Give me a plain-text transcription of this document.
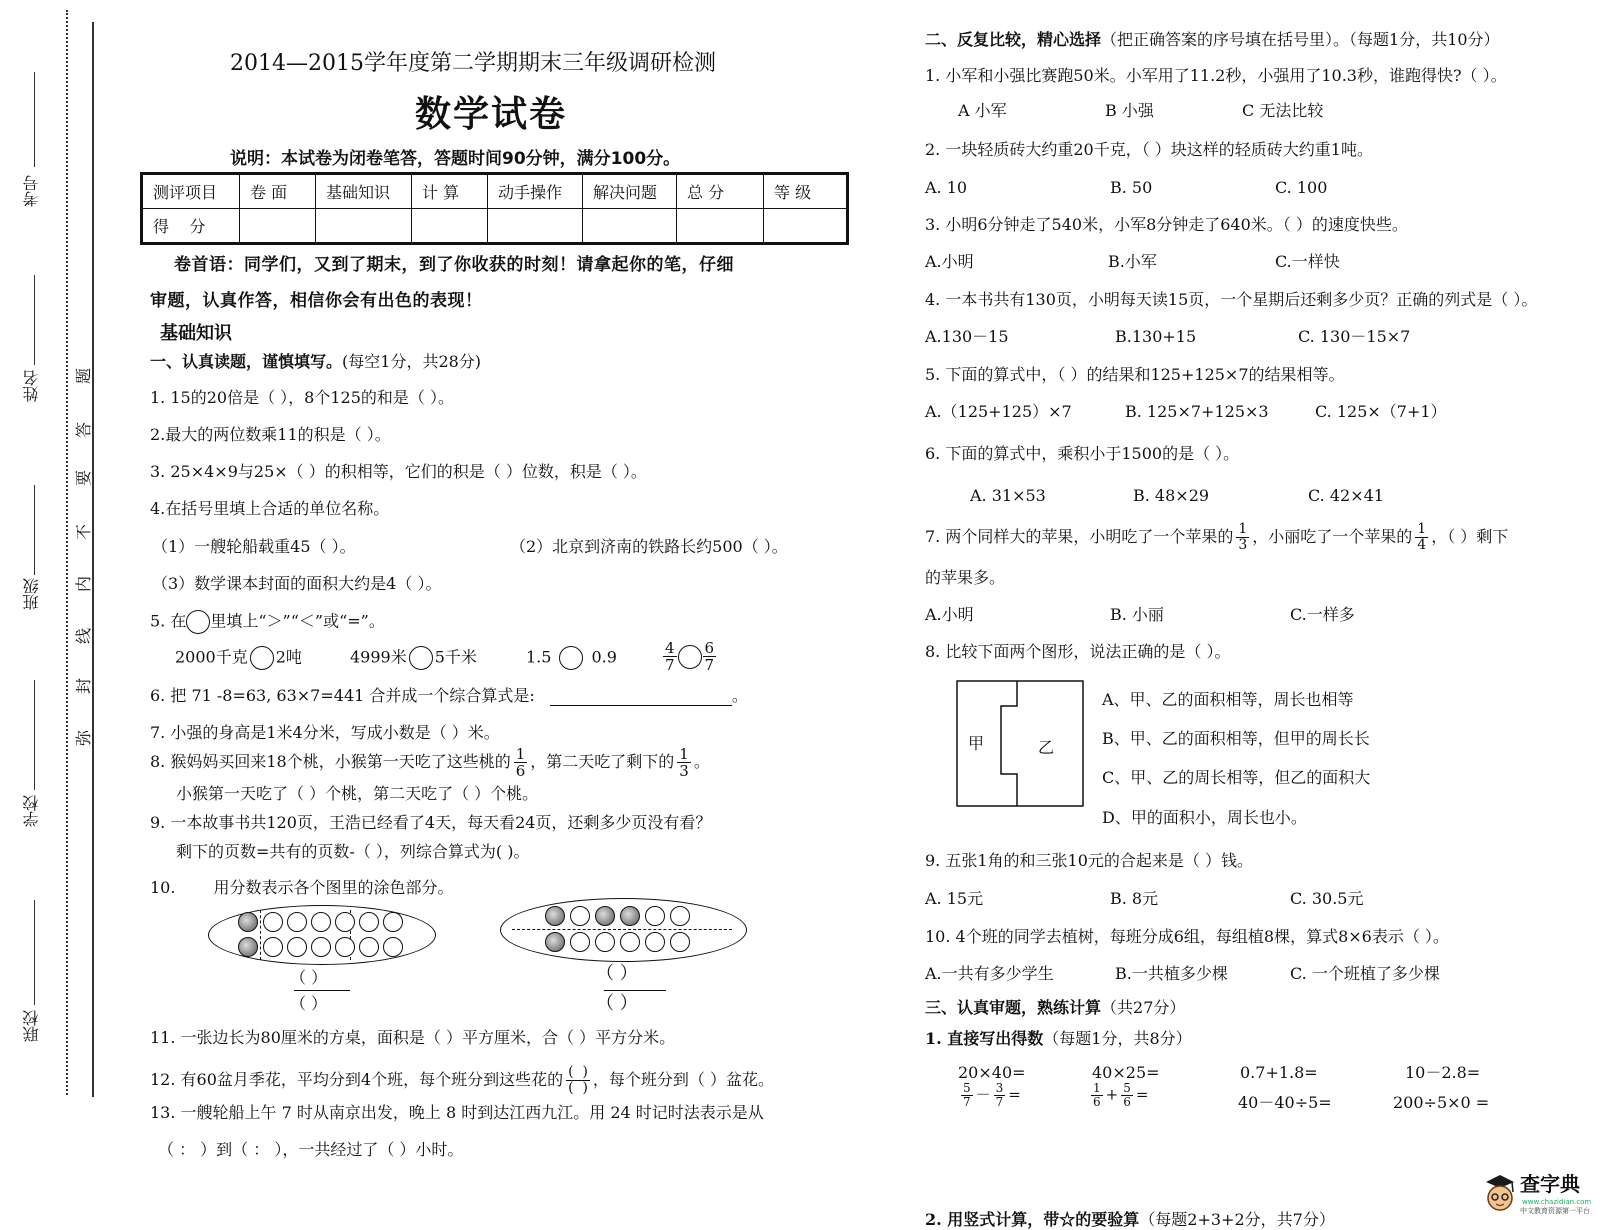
考号
姓名
班级
学校
联校
题
答
要
不
内
线
封
弥
2014—2015学年度第二学期期末三年级调研检测
数学试卷
说明：本试卷为闭卷笔答，答题时间90分钟，满分100分。
测评项目	卷 面	基础知识	计 算	动手操作	解决问题	总 分	等 级
得    分							
卷首语：同学们，又到了期末，到了你收获的时刻！请拿起你的笔，仔细
审题，认真作答，相信你会有出色的表现！
基础知识
一、认真读题，谨慎填写。(每空1分，共28分)
1. 15的20倍是（ ），8个125的和是（ ）。
2.最大的两位数乘11的积是（ ）。
3. 25×4×9与25×（ ）的积相等，它们的积是（ ）位数，积是（ ）。
4.在括号里填上合适的单位名称。
（1）一艘轮船载重45（ ）。	（2）北京到济南的铁路长约500（ ）。
（3）数学课本封面的面积大约是4（ ）。
5. 在 里填上“＞”“＜”或“=”。
2000千克 2吨	4999米 5千米	1.5	0.9	$\frac{4}{7} \frac{6}{7}$
6. 把 71 -8=63, 63×7=441 合并成一个综合算式是:	。
7. 小强的身高是1米4分米，写成小数是（ ）米。
8. 猴妈妈买回来18个桃，小猴第一天吃了这些桃的 $\frac{1}{6}$ ，第二天吃了剩下的 $\frac{1}{3}$ 。
小猴第一天吃了（ ）个桃，第二天吃了（ ）个桃。
9. 一本故事书共120页，王浩已经看了4天，每天看24页，还剩多少页没有看？
剩下的页数=共有的页数-（ ），列综合算式为( )。
10. 用分数表示各个图里的涂色部分。
（ ）
（ ）
（ ）
（ ）
11. 一张边长为80厘米的方桌，面积是（ ）平方厘米，合（ ）平方分米。
12. 有60盆月季花，平均分到4个班，每个班分到这些花的 $\frac{( )}{( )}$ ，每个班分到（ ）盆花。
13. 一艘轮船上午 7 时从南京出发，晚上 8 时到达江西九江。用 24 时记时法表示是从
（ ： ）到（ ： ），一共经过了（ ）小时。
二、反复比较，精心选择（把正确答案的序号填在括号里）。（每题1分，共10分）
1. 小军和小强比赛跑50米。小军用了11.2秒，小强用了10.3秒，谁跑得快?（ ）。
A 小军	B 小强	C 无法比较
2. 一块轻质砖大约重20千克，（ ）块这样的轻质砖大约重1吨。
A. 10	B. 50	C. 100
3. 小明6分钟走了540米，小军8分钟走了640米。（ ）的速度快些。
A.小明	B.小军	C.一样快
4. 一本书共有130页，小明每天读15页，一个星期后还剩多少页？正确的列式是（ ）。
A.130－15	B.130+15	C. 130－15×7
5. 下面的算式中，（ ）的结果和125+125×7的结果相等。
A.（125+125）×7	B. 125×7+125×3	C. 125×（7+1）
6. 下面的算式中，乘积小于1500的是（ ）。
A. 31×53	B. 48×29	C. 42×41
7. 两个同样大的苹果，小明吃了一个苹果的 $\frac{1}{3}$ ，小丽吃了一个苹果的 $\frac{1}{4}$ ，（ ）剩下
的苹果多。
A.小明	B. 小丽	C.一样多
8. 比较下面两个图形，说法正确的是（ ）。
甲	乙
A、甲、乙的面积相等，周长也相等
B、甲、乙的面积相等，但甲的周长长
C、甲、乙的周长相等，但乙的面积大
D、甲的面积小，周长也小。
9. 五张1角的和三张10元的合起来是（ ）钱。
A. 15元	B. 8元	C. 30.5元
10. 4个班的同学去植树，每班分成6组，每组植8棵，算式8×6表示（ ）。
A.一共有多少学生	B.一共植多少棵	C. 一个班植了多少棵
三、认真审题，熟练计算（共27分）
1. 直接写出得数（每题1分，共8分）
20×40=	40×25=	0.7+1.8=	10－2.8=
$\frac{5}{7} - \frac{3}{7}$ =	$\frac{1}{6} + \frac{5}{6}$ =	40－40÷5=	200÷5×0 =
2. 用竖式计算，带☆的要验算（每题2+3+2分，共7分）
查字典
www.chazidian.com
中文教育资源第一平台
